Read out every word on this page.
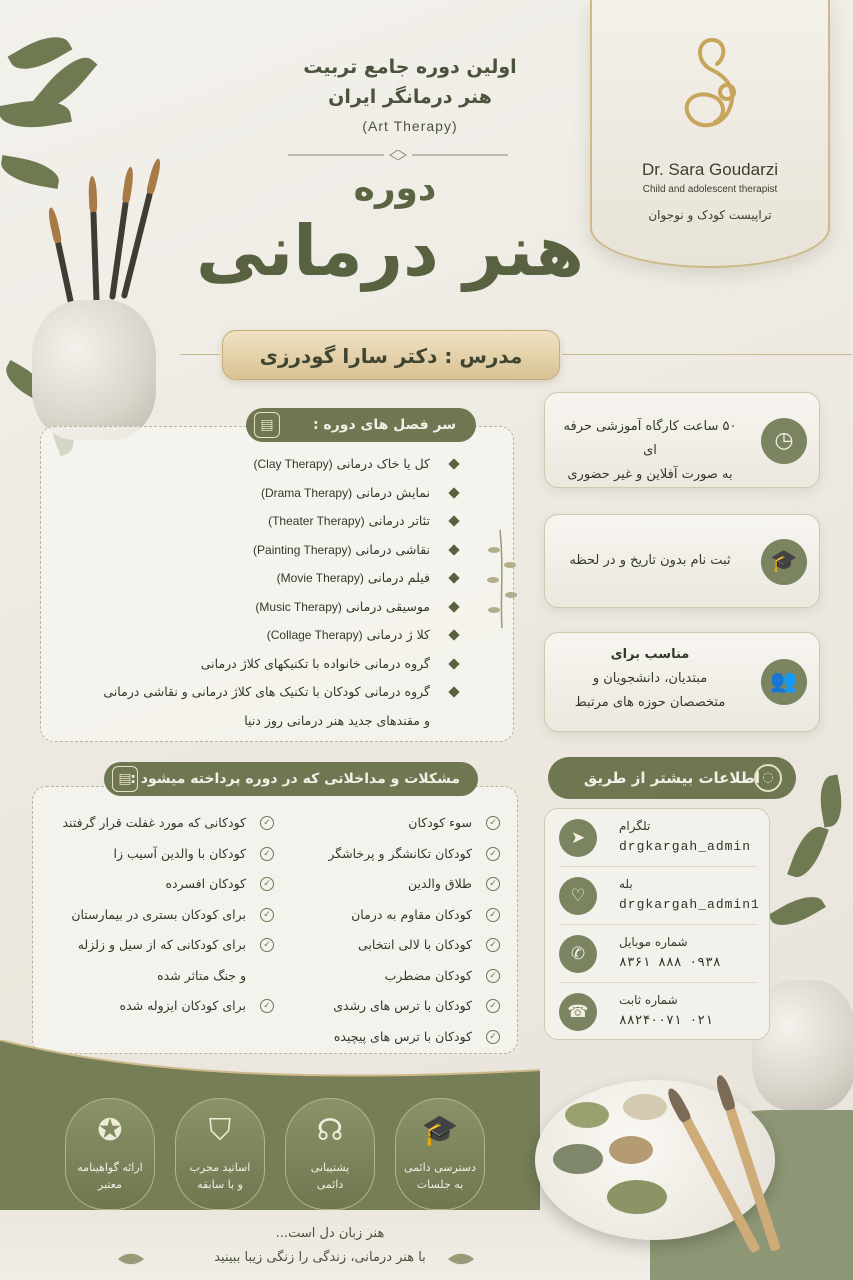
Dr. Sara Goudarzi
Child and adolescent therapist
تراپیست کودک و نوجوان
اولین دوره جامع تربیت
هنر درمانگر ایران
(Art Therapy)
دوره
هنر درمانی
مدرس : دکتر سارا گودرزی
سر فصل های دوره :
▤
کل یا خاک درمانی (Clay Therapy)
نمایش درمانی (Drama Therapy)
تئاتر درمانی (Theater Therapy)
نقاشی درمانی (Painting Therapy)
فیلم درمانی (Movie Therapy)
موسیقی درمانی (Music Therapy)
کلا ژ درمانی (Collage Therapy)
گروه درمانی خانواده با تکنیکهای کلاژ درمانی
گروه درمانی کودکان با تکنیک های کلاژ درمانی و نقاشی درمانی
و مقندهای جدید هنر درمانی روز دنیا
مشکلات و مداخلاتی که در دوره پرداخته میشود :
▤
✓
سوء کودکان
✓
کودکان تکانشگر و پرخاشگر
✓
طلاق والدین
✓
کودکان مقاوم به درمان
✓
کودکان با لالی انتخابی
✓
کودکان مضطرب
✓
کودکان با ترس های رشدی
✓
کودکان با ترس های پیچیده
✓
کودکانی که مورد غفلت قرار گرفتند
✓
کودکان با والدین آسیب زا
✓
کودکان افسرده
✓
برای کودکان بستری در بیمارستان
✓
برای کودکانی که از سیل و زلزله
و جنگ متاثر شده
✓
برای کودکان ایزوله شده
۵۰ ساعت کارگاه آموزشی حرفه ای
به صورت آفلاین و غیر حضوری
◷
ثبت نام بدون تاریخ و در لحظه	🎓
مناسب برای
مبتدیان، دانشجویان و
متخصصان حوزه های مرتبط
👥
اطلاعات بیشتر از طریق ◌
➤
تلگرام
drgkargah_admin
♡
بله
drgkargah_admin1
✆
شماره موبایل
۰۹۳۸ ۸۸۸ ۸۳۶۱
☎
شماره ثابت
۰۲۱ ۸۸۲۴۰۰۷۱
✪
ارائه گواهینامه
معتبر
⛉
اساتید مجرب
و با سابقه
☊
پشتیبانی
دائمی
🎓
دسترسی دائمی
به جلسات
هنر زبان دل است...
با هنر درمانی، زندگی را زنگی زیبا ببینید
